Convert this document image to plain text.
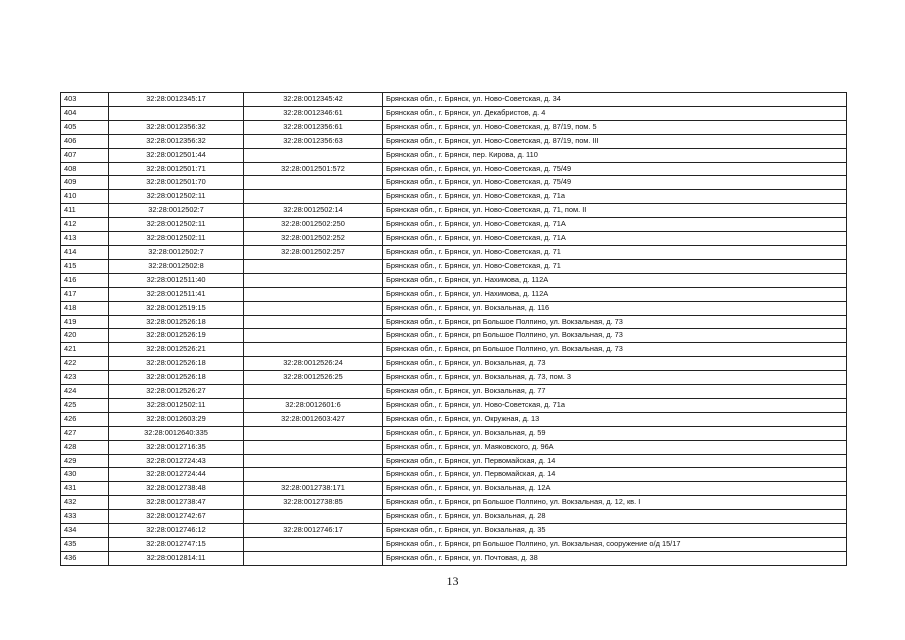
403	32:28:0012345:17	32:28:0012345:42	Брянская обл., г. Брянск, ул. Ново-Советская, д. 34
404		32:28:0012346:61	Брянская обл., г. Брянск, ул. Декабристов, д. 4
405	32:28:0012356:32	32:28:0012356:61	Брянская обл., г. Брянск, ул. Ново-Советская, д. 87/19, пом. 5
406	32:28:0012356:32	32:28:0012356:63	Брянская обл., г. Брянск, ул. Ново-Советская, д. 87/19, пом. III
407	32:28:0012501:44		Брянская обл., г. Брянск, пер. Кирова, д. 110
408	32:28:0012501:71	32:28:0012501:572	Брянская обл., г. Брянск, ул. Ново-Советская, д. 75/49
409	32:28:0012501:70		Брянская обл., г. Брянск, ул. Ново-Советская, д. 75/49
410	32:28:0012502:11		Брянская обл., г. Брянск, ул. Ново-Советская, д. 71а
411	32:28:0012502:7	32:28:0012502:14	Брянская обл., г. Брянск, ул. Ново-Советская, д. 71, пом. II
412	32:28:0012502:11	32:28:0012502:250	Брянская обл., г. Брянск, ул. Ново-Советская, д. 71А
413	32:28:0012502:11	32:28:0012502:252	Брянская обл., г. Брянск, ул. Ново-Советская, д. 71А
414	32:28:0012502:7	32:28:0012502:257	Брянская обл., г. Брянск, ул. Ново-Советская, д. 71
415	32:28:0012502:8		Брянская обл., г. Брянск, ул. Ново-Советская, д. 71
416	32:28:0012511:40		Брянская обл., г. Брянск, ул. Нахимова, д. 112А
417	32:28:0012511:41		Брянская обл., г. Брянск, ул. Нахимова, д. 112А
418	32:28:0012519:15		Брянская обл., г. Брянск, ул. Вокзальная, д. 116
419	32:28:0012526:18		Брянская обл., г. Брянск, рп Большое Полпино, ул. Вокзальная, д. 73
420	32:28:0012526:19		Брянская обл., г. Брянск, рп Большое Полпино, ул. Вокзальная, д. 73
421	32:28:0012526:21		Брянская обл., г. Брянск, рп Большое Полпино, ул. Вокзальная, д. 73
422	32:28:0012526:18	32:28:0012526:24	Брянская обл., г. Брянск, ул. Вокзальная, д. 73
423	32:28:0012526:18	32:28:0012526:25	Брянская обл., г. Брянск, ул. Вокзальная, д. 73, пом. 3
424	32:28:0012526:27		Брянская обл., г. Брянск, ул. Вокзальная, д. 77
425	32:28:0012502:11	32:28:0012601:6	Брянская обл., г. Брянск, ул. Ново-Советская, д. 71а
426	32:28:0012603:29	32:28:0012603:427	Брянская обл., г. Брянск, ул. Окружная, д. 13
427	32:28:0012640:335		Брянская обл., г. Брянск, ул. Вокзальная, д. 59
428	32:28:0012716:35		Брянская обл., г. Брянск, ул. Маяковского, д. 96А
429	32:28:0012724:43		Брянская обл., г. Брянск, ул. Первомайская, д. 14
430	32:28:0012724:44		Брянская обл., г. Брянск, ул. Первомайская, д. 14
431	32:28:0012738:48	32:28:0012738:171	Брянская обл., г. Брянск, ул. Вокзальная, д. 12А
432	32:28:0012738:47	32:28:0012738:85	Брянская обл., г. Брянск, рп Большое Полпино, ул. Вокзальная, д. 12, кв. I
433	32:28:0012742:67		Брянская обл., г. Брянск, ул. Вокзальная, д. 28
434	32:28:0012746:12	32:28:0012746:17	Брянская обл., г. Брянск, ул. Вокзальная, д. 35
435	32:28:0012747:15		Брянская обл., г. Брянск, рп Большое Полпино, ул. Вокзальная, сооружение о/д 15/17
436	32:28:0012814:11		Брянская обл., г. Брянск, ул. Почтовая, д. 38
13
